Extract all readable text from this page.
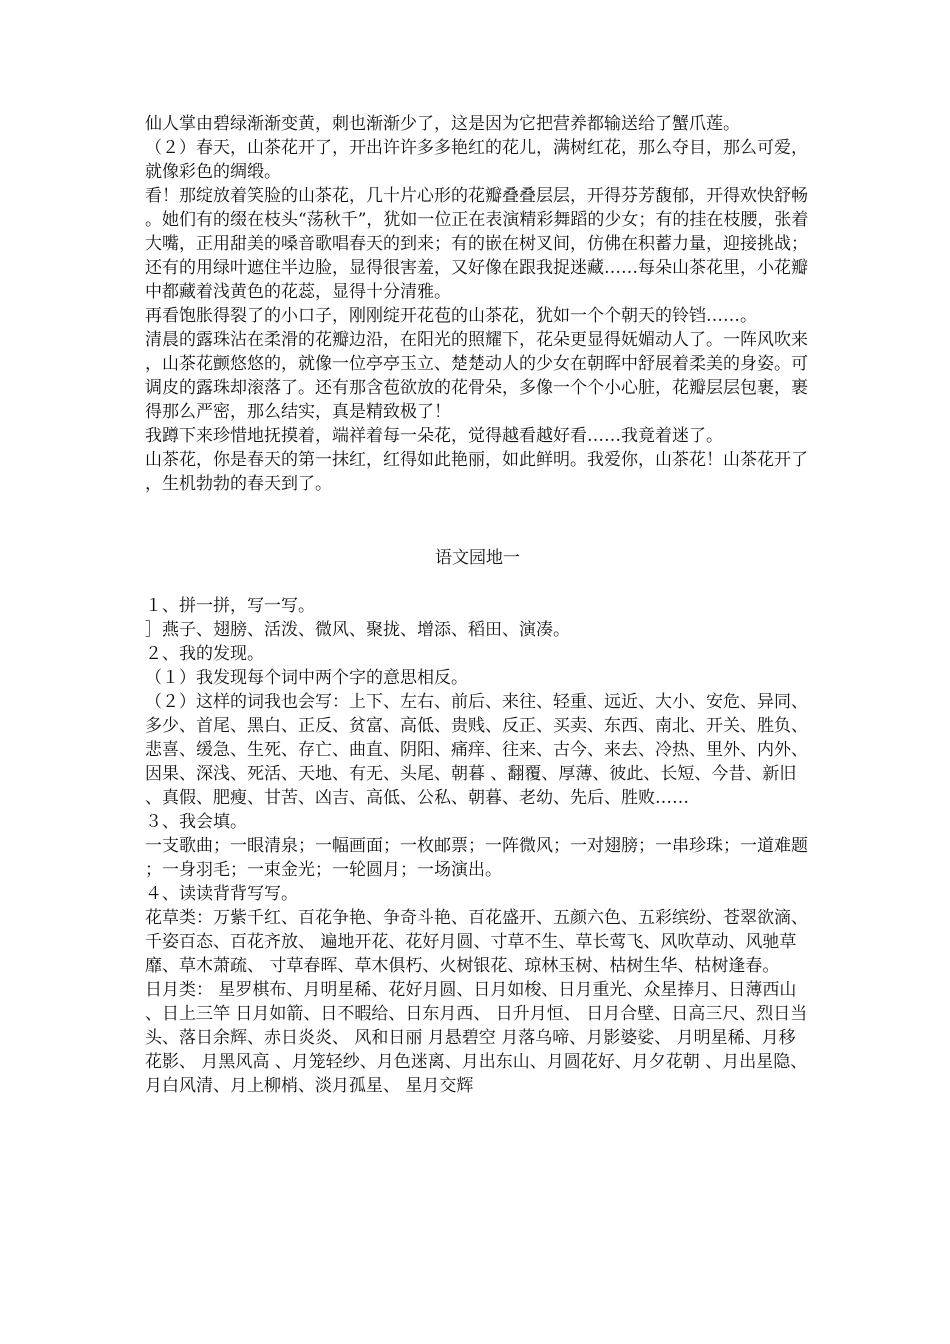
仙人掌由碧绿渐渐变黄，刺也渐渐少了，这是因为它把营养都输送给了蟹爪莲。

（２）春天，山茶花开了，开出许许多多艳红的花儿，满树红花，那么夺目，那么可爱，就像彩色的绸缎。

看！那绽放着笑脸的山茶花，几十片心形的花瓣叠叠层层，开得芬芳馥郁，开得欢快舒畅。她们有的缀在枝头“荡秋千”，犹如一位正在表演精彩舞蹈的少女；有的挂在枝腰，张着大嘴，正用甜美的嗓音歌唱春天的到来；有的嵌在树叉间，仿佛在积蓄力量，迎接挑战；还有的用绿叶遮住半边脸，显得很害羞，又好像在跟我捉迷藏……每朵山茶花里，小花瓣中都藏着浅黄色的花蕊，显得十分清雅。

再看饱胀得裂了的小口子，刚刚绽开花苞的山茶花，犹如一个个朝天的铃铛……。

清晨的露珠沾在柔滑的花瓣边沿，在阳光的照耀下，花朵更显得妩媚动人了。一阵风吹来，山茶花颤悠悠的，就像一位亭亭玉立、楚楚动人的少女在朝晖中舒展着柔美的身姿。可调皮的露珠却滚落了。还有那含苞欲放的花骨朵，多像一个个小心脏，花瓣层层包裹，裹得那么严密，那么结实，真是精致极了！

我蹲下来珍惜地抚摸着，端祥着每一朵花，觉得越看越好看……我竟着迷了。

山茶花，你是春天的第一抹红，红得如此艳丽，如此鲜明。我爱你，山茶花！山茶花开了，生机勃勃的春天到了。

语文园地一

１、拼一拼，写一写。

］燕子、翅膀、活泼、微风、聚拢、增添、稻田、演凑。

２、我的发现。

（１）我发现每个词中两个字的意思相反。

（２）这样的词我也会写：上下、左右、前后、来往、轻重、远近、大小、安危、异同、多少、首尾、黑白、正反、贫富、高低、贵贱、反正、买卖、东西、南北、开关、胜负、悲喜、缓急、生死、存亡、曲直、阴阳、痛痒、往来、古今、来去、冷热、里外、内外、因果、深浅、死活、天地、有无、头尾、朝暮 、翻覆、厚薄、彼此、长短、今昔、新旧、真假、肥瘦、甘苦、凶吉、高低、公私、朝暮、老幼、先后、胜败……

３、我会填。

一支歌曲；一眼清泉；一幅画面；一枚邮票；一阵微风；一对翅膀；一串珍珠；一道难题；一身羽毛；一束金光；一轮圆月；一场演出。

４、读读背背写写。

花草类：万紫千红、百花争艳、争奇斗艳、百花盛开、五颜六色、五彩缤纷、苍翠欲滴、千姿百态、百花齐放、 遍地开花、花好月圆、寸草不生、草长莺飞、风吹草动、风驰草靡、草木萧疏、 寸草春晖、草木俱朽、火树银花、琼林玉树、枯树生华、枯树逢春。

日月类： 星罗棋布、月明星稀、花好月圆、日月如梭、日月重光、众星捧月、日薄西山、日上三竿 日月如箭、日不暇给、日东月西、 日升月恒、 日月合壁、日高三尺、烈日当头、落日余辉、赤日炎炎、 风和日丽 月悬碧空 月落乌啼、月影婆娑、 月明星稀、月移花影、 月黑风高 、月笼轻纱、月色迷离、月出东山、月圆花好、月夕花朝 、月出星隐、月白风清、月上柳梢、淡月孤星、 星月交辉
